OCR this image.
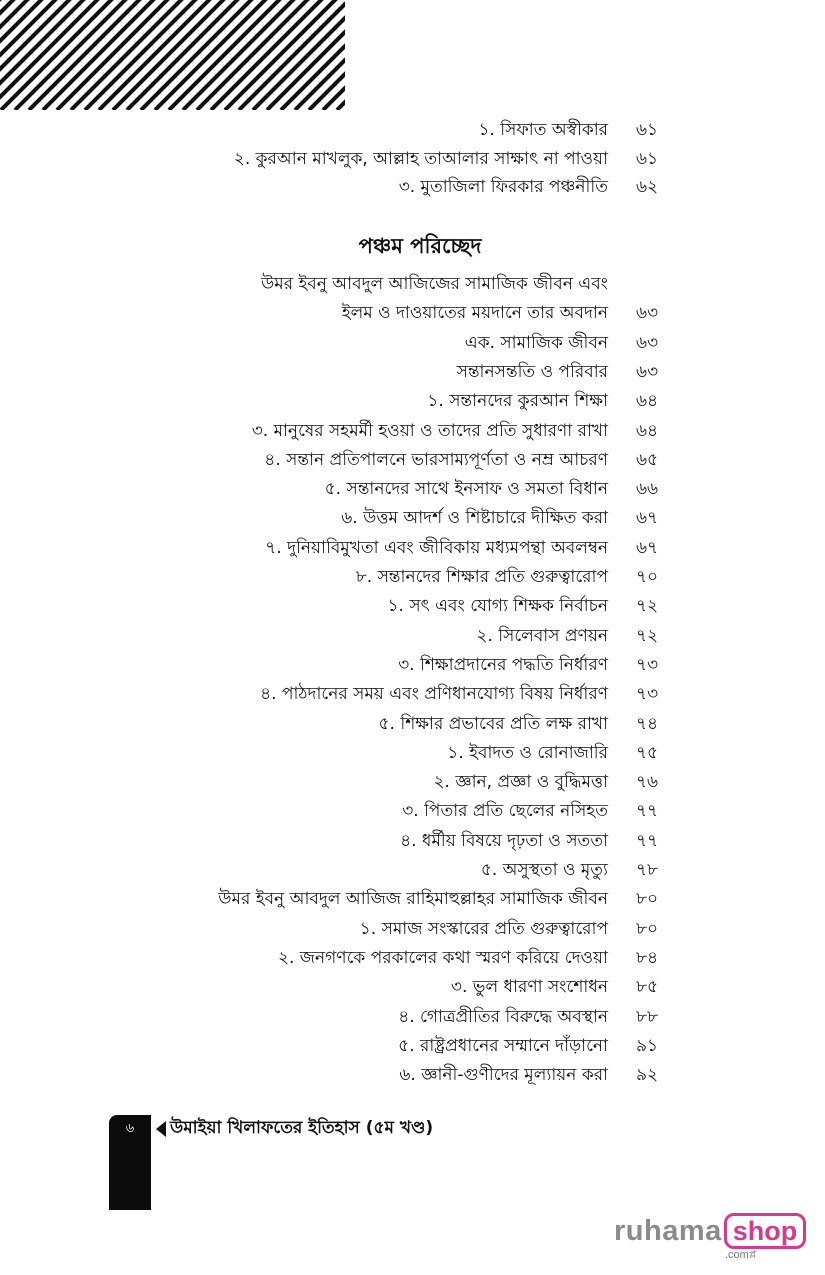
১. সিফাত অস্বীকার	৬১
২. কুরআন মাখলুক, আল্লাহ তাআলার সাক্ষাৎ না পাওয়া	৬১
৩. মুতাজিলা ফিরকার পঞ্চনীতি	৬২
পঞ্চম পরিচ্ছেদ
উমর ইবনু আবদুল আজিজের সামাজিক জীবন এবং
ইলম ও দাওয়াতের ময়দানে তার অবদান	৬৩
এক. সামাজিক জীবন	৬৩
সন্তানসন্ততি ও পরিবার	৬৩
১. সন্তানদের কুরআন শিক্ষা	৬৪
৩. মানুষের সহমর্মী হওয়া ও তাদের প্রতি সুধারণা রাখা	৬৪
৪. সন্তান প্রতিপালনে ভারসাম্যপূর্ণতা ও নম্র আচরণ	৬৫
৫. সন্তানদের সাথে ইনসাফ ও সমতা বিধান	৬৬
৬. উত্তম আদর্শ ও শিষ্টাচারে দীক্ষিত করা	৬৭
৭. দুনিয়াবিমুখতা এবং জীবিকায় মধ্যমপন্থা অবলম্বন	৬৭
৮. সন্তানদের শিক্ষার প্রতি গুরুত্বারোপ	৭০
১. সৎ এবং যোগ্য শিক্ষক নির্বাচন	৭২
২. সিলেবাস প্রণয়ন	৭২
৩. শিক্ষাপ্রদানের পদ্ধতি নির্ধারণ	৭৩
৪. পাঠদানের সময় এবং প্রণিধানযোগ্য বিষয় নির্ধারণ	৭৩
৫. শিক্ষার প্রভাবের প্রতি লক্ষ রাখা	৭৪
১. ইবাদত ও রোনাজারি	৭৫
২. জ্ঞান, প্রজ্ঞা ও বুদ্ধিমত্তা	৭৬
৩. পিতার প্রতি ছেলের নসিহত	৭৭
৪. ধর্মীয় বিষয়ে দৃঢ়তা ও সততা	৭৭
৫. অসুস্থতা ও মৃত্যু	৭৮
উমর ইবনু আবদুল আজিজ রাহিমাহুল্লাহর সামাজিক জীবন	৮০
১. সমাজ সংস্কারের প্রতি গুরুত্বারোপ	৮০
২. জনগণকে পরকালের কথা স্মরণ করিয়ে দেওয়া	৮৪
৩. ভুল ধারণা সংশোধন	৮৫
৪. গোত্রপ্রীতির বিরুদ্ধে অবস্থান	৮৮
৫. রাষ্ট্রপ্রধানের সম্মানে দাঁড়ানো	৯১
৬. জ্ঞানী-গুণীদের মূল্যায়ন করা	৯২
৬	উমাইয়া খিলাফতের ইতিহাস (৫ম খণ্ড)
ruhama shop
.comপ্ল
